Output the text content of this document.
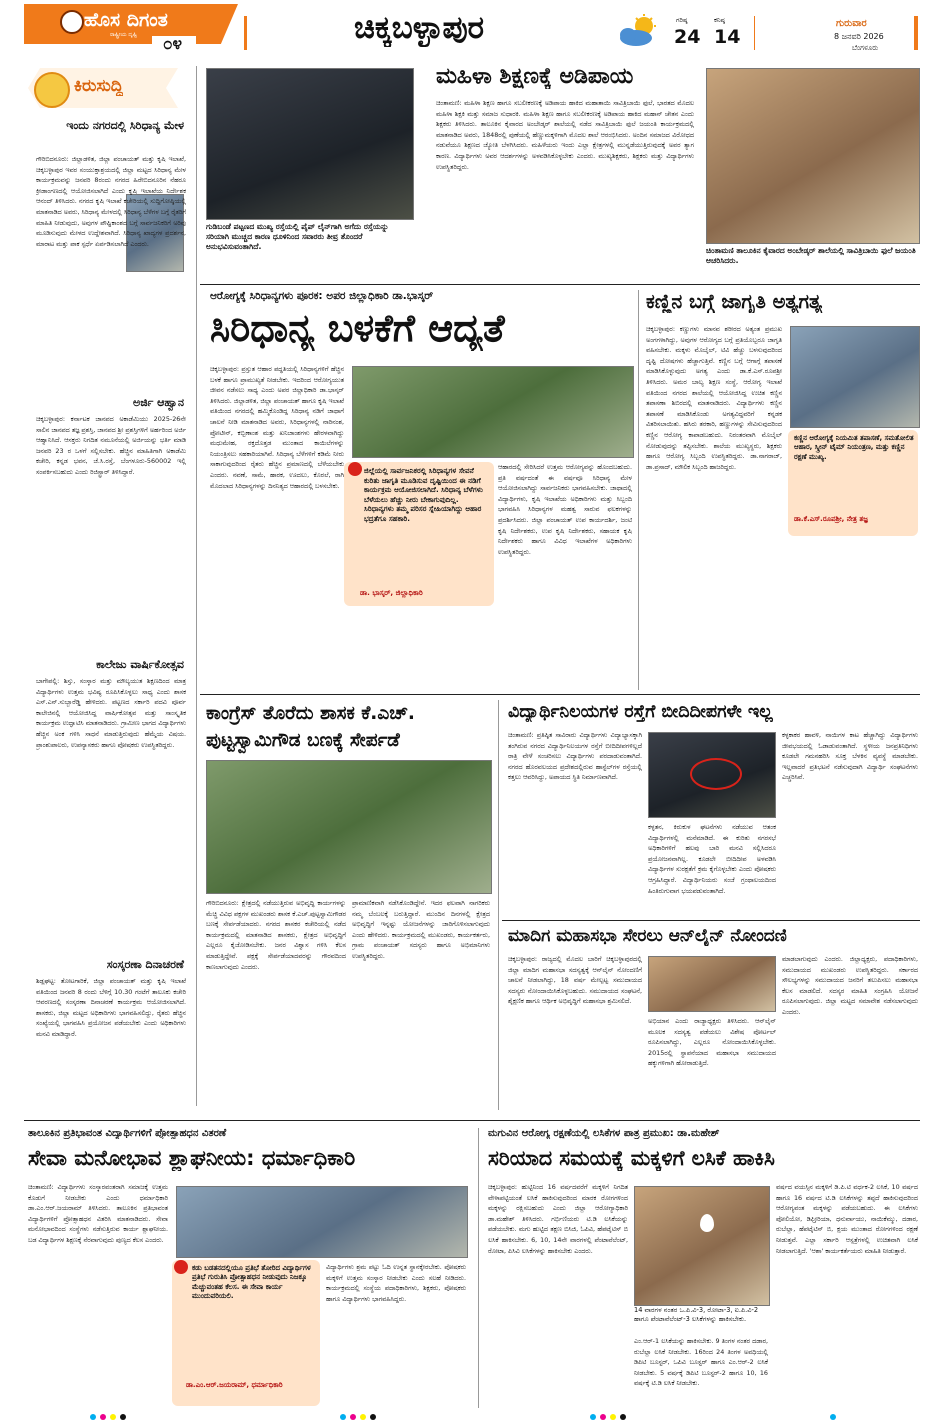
ಹೊಸ ದಿಗಂತ
ರಾಷ್ಟ್ರೀಯ ದೃಷ್ಟಿ ೦೪	ಚಿಕ್ಕಬಳ್ಳಾಪುರ	ಗರಿಷ್ಠ
24
ಕನಿಷ್ಠ
14
ಗುರುವಾರ
8 ಜನವರಿ 2026
ಬೆಂಗಳೂರು
ಕಿರುಸುದ್ದಿ
ಇಂದು ನಗರದಲ್ಲಿ ಸಿರಿಧಾನ್ಯ ಮೇಳ

ಗೌರಿಬಿದನೂರು: ಜಿಲ್ಲಾಡಳಿತ, ಜಿಲ್ಲಾ ಪಂಚಾಯತ್ ಮತ್ತು ಕೃಷಿ ಇಲಾಖೆ, ಚಿಕ್ಕಬಳ್ಳಾಪುರ ಇವರ ಸಂಯುಕ್ತಾಶ್ರಯದಲ್ಲಿ ಜಿಲ್ಲಾ ಮಟ್ಟದ ಸಿರಿಧಾನ್ಯ ಮೇಳ ಕಾರ್ಯಕ್ರಮವನ್ನು ಜನವರಿ 8ರಂದು ನಗರದ ಹಿರೇಬಿದನೂರಿನ ನೆಹರೂ ಕ್ರೀಡಾಂಗಣದಲ್ಲಿ ಆಯೋಜಿಸಲಾಗಿದೆ ಎಂದು ಕೃಷಿ ಇಲಾಖೆಯ ನಿರ್ದೇಶಕ ಆನಂದ್ ತಿಳಿಸಿದರು. ನಗರದ ಕೃಷಿ ಇಲಾಖೆ ಕಚೇರಿಯಲ್ಲಿ ಸುದ್ದಿಗೋಷ್ಠಿಯಲ್ಲಿ ಮಾತನಾಡಿದ ಅವರು, ಸಿರಿಧಾನ್ಯ ಮೇಳದಲ್ಲಿ ಸಿರಿಧಾನ್ಯ ಬೆಳೆಗಳ ಬಗ್ಗೆ ರೈತರಿಗೆ ಮಾಹಿತಿ ನೀಡುವುದು, ಅವುಗಳ ಪೌಷ್ಟಿಕಾಂಶದ ಬಗ್ಗೆ ಸಾರ್ವಜನಿಕರಿಗೆ ಅರಿವು ಮೂಡಿಸುವುದು ಮೇಳದ ಉದ್ದೇಶವಾಗಿದೆ. ಸಿರಿಧಾನ್ಯ ಖಾದ್ಯಗಳ ಪ್ರದರ್ಶನ, ಮಾರಾಟ ಮತ್ತು ಪಾಕ ಸ್ಪರ್ಧೆ ಏರ್ಪಡಿಸಲಾಗಿದೆ ಎಂದರು.

ಅರ್ಜಿ ಆಹ್ವಾನ

ಚಿಕ್ಕಬಳ್ಳಾಪುರ: ಕರ್ನಾಟಕ ಜಾನಪದ ಅಕಾಡೆಮಿಯು 2025-26ನೇ ಸಾಲಿನ ಜಾನಪದ ತಜ್ಞ ಪ್ರಶಸ್ತಿ, ಜಾನಪದ ಶ್ರೀ ಪ್ರಶಸ್ತಿಗಳಿಗೆ ಅರ್ಹರಿಂದ ಅರ್ಜಿ ಆಹ್ವಾನಿಸಿದೆ. ಆಸಕ್ತರು ನಿಗದಿತ ನಮೂನೆಯಲ್ಲಿ ಅರ್ಜಿಯನ್ನು ಭರ್ತಿ ಮಾಡಿ ಜನವರಿ 23 ರ ಒಳಗೆ ಸಲ್ಲಿಸಬೇಕು. ಹೆಚ್ಚಿನ ಮಾಹಿತಿಗಾಗಿ ಅಕಾಡೆಮಿ ಕಚೇರಿ, ಕನ್ನಡ ಭವನ, ಜೆ.ಸಿ.ರಸ್ತೆ, ಬೆಂಗಳೂರು-560002 ಇಲ್ಲಿ ಸಂಪರ್ಕಿಸಬಹುದು ಎಂದು ರಿಜಿಸ್ಟ್ರಾರ್ ತಿಳಿಸಿದ್ದಾರೆ.

ಕಾಲೇಜು ವಾರ್ಷಿಕೋತ್ಸವ

ಬಾಗೇಪಲ್ಲಿ: ಶಿಸ್ತು, ಸಂಸ್ಕಾರ ಮತ್ತು ಮೌಲ್ಯಯುತ ಶಿಕ್ಷಣದಿಂದ ಮಾತ್ರ ವಿದ್ಯಾರ್ಥಿಗಳು ಉತ್ತಮ ಭವಿಷ್ಯ ರೂಪಿಸಿಕೊಳ್ಳಲು ಸಾಧ್ಯ ಎಂದು ಶಾಸಕ ಎಸ್.ಎನ್.ಸುಬ್ಬಾರೆಡ್ಡಿ ಹೇಳಿದರು. ಪಟ್ಟಣದ ಸರ್ಕಾರಿ ಪದವಿ ಪೂರ್ವ ಕಾಲೇಜಿನಲ್ಲಿ ಆಯೋಜಿಸಿದ್ದ ವಾರ್ಷಿಕೋತ್ಸವ ಮತ್ತು ಸಾಂಸ್ಕೃತಿಕ ಕಾರ್ಯಕ್ರಮ ಉದ್ಘಾಟಿಸಿ ಮಾತನಾಡಿದರು. ಗ್ರಾಮೀಣ ಭಾಗದ ವಿದ್ಯಾರ್ಥಿಗಳು ಹೆಚ್ಚಿನ ಅಂಕ ಗಳಿಸಿ ಸಾಧನೆ ಮಾಡುತ್ತಿರುವುದು ಹೆಮ್ಮೆಯ ವಿಷಯ. ಪ್ರಾಂಶುಪಾಲರು, ಉಪನ್ಯಾಸಕರು ಹಾಗೂ ಪೋಷಕರು ಉಪಸ್ಥಿತರಿದ್ದರು.

ಸಂಸ್ಕರಣಾ ದಿನಾಚರಣೆ

ಶಿಡ್ಲಘಟ್ಟ: ತೋಟಗಾರಿಕೆ, ಜಿಲ್ಲಾ ಪಂಚಾಯತ್ ಮತ್ತು ಕೃಷಿ ಇಲಾಖೆ ವತಿಯಿಂದ ಜನವರಿ 8 ರಂದು ಬೆಳಿಗ್ಗೆ 10.30 ಗಂಟೆಗೆ ತಾಲೂಕು ಕಚೇರಿ ಆವರಣದಲ್ಲಿ ಸಂಸ್ಕರಣಾ ದಿನಾಚರಣೆ ಕಾರ್ಯಕ್ರಮ ಆಯೋಜಿಸಲಾಗಿದೆ. ಶಾಸಕರು, ಜಿಲ್ಲಾ ಮಟ್ಟದ ಅಧಿಕಾರಿಗಳು ಭಾಗವಹಿಸಲಿದ್ದು, ರೈತರು ಹೆಚ್ಚಿನ ಸಂಖ್ಯೆಯಲ್ಲಿ ಭಾಗವಹಿಸಿ ಪ್ರಯೋಜನ ಪಡೆಯಬೇಕು ಎಂದು ಅಧಿಕಾರಿಗಳು ಮನವಿ ಮಾಡಿದ್ದಾರೆ.

ಗುಡಿಬಂಡೆ ಪಟ್ಟಣದ ಮುಖ್ಯ ರಸ್ತೆಯಲ್ಲಿ ಪೈಪ್ ಲೈನ್‌ಗಾಗಿ ಅಗೆದು ರಸ್ತೆಯನ್ನು ಸರಿಯಾಗಿ ಮುಚ್ಚದ ಕಾರಣ ಧೂಳಿನಿಂದ ಸವಾರರು ತೀವ್ರ ತೊಂದರೆ ಅನುಭವಿಸುವಂತಾಗಿದೆ.

ಮಹಿಳಾ ಶಿಕ್ಷಣಕ್ಕೆ ಅಡಿಪಾಯ

ಚಿಂತಾಮಣಿ: ಮಹಿಳಾ ಶಿಕ್ಷಣ ಹಾಗೂ ಸಬಲೀಕರಣಕ್ಕೆ ಅಡಿಪಾಯ ಹಾಕಿದ ಮಹಾತಾಯಿ ಸಾವಿತ್ರಿಬಾಯಿ ಫುಲೆ, ಭಾರತದ ಮೊದಲ ಮಹಿಳಾ ಶಿಕ್ಷಕಿ ಮತ್ತು ಸಮಾಜ ಸುಧಾರಕಿ. ಮಹಿಳಾ ಶಿಕ್ಷಣ ಹಾಗೂ ಸಬಲೀಕರಣಕ್ಕೆ ಅಡಿಪಾಯ ಹಾಕಿದ ಮಹಾನ್ ಚೇತನ ಎಂದು ಶಿಕ್ಷಕರು ತಿಳಿಸಿದರು. ತಾಲೂಕಿನ ಕೈವಾರದ ಅಂಬೇಡ್ಕರ್ ಶಾಲೆಯಲ್ಲಿ ನಡೆದ ಸಾವಿತ್ರಿಬಾಯಿ ಫುಲೆ ಜಯಂತಿ ಕಾರ್ಯಕ್ರಮದಲ್ಲಿ ಮಾತನಾಡಿದ ಅವರು, 1848ರಲ್ಲಿ ಪುಣೆಯಲ್ಲಿ ಹೆಣ್ಣುಮಕ್ಕಳಿಗಾಗಿ ಮೊದಲ ಶಾಲೆ ಆರಂಭಿಸಿದರು. ಅಂದಿನ ಸಮಾಜದ ವಿರೋಧದ ನಡುವೆಯೂ ಶಿಕ್ಷಣದ ಜ್ಯೋತಿ ಬೆಳಗಿಸಿದರು. ಮಹಿಳೆಯರು ಇಂದು ಎಲ್ಲಾ ಕ್ಷೇತ್ರಗಳಲ್ಲಿ ಮುನ್ನಡೆಯುತ್ತಿರುವುದಕ್ಕೆ ಅವರ ತ್ಯಾಗ ಕಾರಣ. ವಿದ್ಯಾರ್ಥಿಗಳು ಅವರ ಆದರ್ಶಗಳನ್ನು ಅಳವಡಿಸಿಕೊಳ್ಳಬೇಕು ಎಂದರು. ಮುಖ್ಯಶಿಕ್ಷಕರು, ಶಿಕ್ಷಕರು ಮತ್ತು ವಿದ್ಯಾರ್ಥಿಗಳು ಉಪಸ್ಥಿತರಿದ್ದರು.

ಚಿಂತಾಮಣಿ ತಾಲೂಕಿನ ಕೈವಾರದ ಅಂಬೇಡ್ಕರ್ ಶಾಲೆಯಲ್ಲಿ ಸಾವಿತ್ರಿಬಾಯಿ ಫುಲೆ ಜಯಂತಿ ಆಚರಿಸಿದರು.

ಆರೋಗ್ಯಕ್ಕೆ ಸಿರಿಧಾನ್ಯಗಳು ಪೂರಕ: ಅಪರ ಜಿಲ್ಲಾಧಿಕಾರಿ ಡಾ.ಭಾಸ್ಕರ್
ಸಿರಿಧಾನ್ಯ ಬಳಕೆಗೆ ಆದ್ಯತೆ

ಚಿಕ್ಕಬಳ್ಳಾಪುರ: ಪ್ರಸ್ತುತ ಆಹಾರ ಪದ್ಧತಿಯಲ್ಲಿ ಸಿರಿಧಾನ್ಯಗಳಿಗೆ ಹೆಚ್ಚಿನ ಬಳಕೆ ಹಾಗೂ ಪ್ರಾಮುಖ್ಯತೆ ನೀಡಬೇಕು. ಇದರಿಂದ ಆರೋಗ್ಯಯುತ ಜೀವನ ನಡೆಸಲು ಸಾಧ್ಯ ಎಂದು ಅಪರ ಜಿಲ್ಲಾಧಿಕಾರಿ ಡಾ.ಭಾಸ್ಕರ್ ತಿಳಿಸಿದರು. ಜಿಲ್ಲಾಡಳಿತ, ಜಿಲ್ಲಾ ಪಂಚಾಯತ್ ಹಾಗೂ ಕೃಷಿ ಇಲಾಖೆ ವತಿಯಿಂದ ನಗರದಲ್ಲಿ ಹಮ್ಮಿಕೊಂಡಿದ್ದ ಸಿರಿಧಾನ್ಯ ನಡಿಗೆ ಜಾಥಾಗೆ ಚಾಲನೆ ನೀಡಿ ಮಾತನಾಡಿದ ಅವರು, ಸಿರಿಧಾನ್ಯಗಳಲ್ಲಿ ನಾರಿನಂಶ, ಪ್ರೋಟೀನ್, ಕಬ್ಬಿಣಾಂಶ ಮತ್ತು ಖನಿಜಾಂಶಗಳು ಹೇರಳವಾಗಿದ್ದು ಮಧುಮೇಹ, ರಕ್ತದೊತ್ತಡ ಮುಂತಾದ ಕಾಯಿಲೆಗಳನ್ನು ನಿಯಂತ್ರಿಸಲು ಸಹಕಾರಿಯಾಗಿವೆ. ಸಿರಿಧಾನ್ಯ ಬೆಳೆಗಳಿಗೆ ಕಡಿಮೆ ನೀರು ಸಾಕಾಗುವುದರಿಂದ ರೈತರು ಹೆಚ್ಚಿನ ಪ್ರಮಾಣದಲ್ಲಿ ಬೆಳೆಯಬೇಕು ಎಂದರು. ನವಣೆ, ಸಾಮೆ, ಹಾರಕ, ಊದಲು, ಕೊರಲೆ, ರಾಗಿ ಮೊದಲಾದ ಸಿರಿಧಾನ್ಯಗಳನ್ನು ದಿನನಿತ್ಯದ ಆಹಾರದಲ್ಲಿ ಬಳಸಬೇಕು.

ಜಿಲ್ಲೆಯಲ್ಲಿ ಸಾರ್ವಜನಿಕರಲ್ಲಿ ಸಿರಿಧಾನ್ಯಗಳ ಸೇವನೆ ಕುರಿತು ಜಾಗೃತಿ ಮೂಡಿಸುವ ದೃಷ್ಟಿಯಿಂದ ಈ ನಡಿಗೆ ಕಾರ್ಯಕ್ರಮ ಆಯೋಜಿಸಲಾಗಿದೆ. ಸಿರಿಧಾನ್ಯ ಬೆಳೆಗಳು ಬೆಳೆಯಲು ಹೆಚ್ಚು ನೀರು ಬೇಕಾಗುವುದಿಲ್ಲ. ಸಿರಿಧಾನ್ಯಗಳು ತಮ್ಮ ಪರಿಸರ ಸ್ನೇಹಿಯಾಗಿದ್ದು ಆಹಾರ ಭದ್ರತೆಗೂ ಸಹಕಾರಿ.

ಡಾ. ಭಾಸ್ಕರ್, ಜಿಲ್ಲಾಧಿಕಾರಿ

ಆಹಾರದಲ್ಲಿ ಸೇರಿಸಿದರೆ ಉತ್ತಮ ಆರೋಗ್ಯವನ್ನು ಹೊಂದಬಹುದು. ಪ್ರತಿ ವರ್ಷದಂತೆ ಈ ವರ್ಷವೂ ಸಿರಿಧಾನ್ಯ ಮೇಳ ಆಯೋಜಿಸಲಾಗಿದ್ದು ಸಾರ್ವಜನಿಕರು ಭಾಗವಹಿಸಬೇಕು. ಜಾಥಾದಲ್ಲಿ ವಿದ್ಯಾರ್ಥಿಗಳು, ಕೃಷಿ ಇಲಾಖೆಯ ಅಧಿಕಾರಿಗಳು ಮತ್ತು ಸಿಬ್ಬಂದಿ ಭಾಗವಹಿಸಿ ಸಿರಿಧಾನ್ಯಗಳ ಮಹತ್ವ ಸಾರುವ ಫಲಕಗಳನ್ನು ಪ್ರದರ್ಶಿಸಿದರು. ಜಿಲ್ಲಾ ಪಂಚಾಯತ್ ಉಪ ಕಾರ್ಯದರ್ಶಿ, ಜಂಟಿ ಕೃಷಿ ನಿರ್ದೇಶಕರು, ಉಪ ಕೃಷಿ ನಿರ್ದೇಶಕರು, ಸಹಾಯಕ ಕೃಷಿ ನಿರ್ದೇಶಕರು ಹಾಗೂ ವಿವಿಧ ಇಲಾಖೆಗಳ ಅಧಿಕಾರಿಗಳು ಉಪಸ್ಥಿತರಿದ್ದರು.

ಕಣ್ಣಿನ ಬಗ್ಗೆ ಜಾಗೃತಿ ಅತ್ಯಗತ್ಯ

ಚಿಕ್ಕಬಳ್ಳಾಪುರ: ಕಣ್ಣುಗಳು ಮಾನವ ಶರೀರದ ಅತ್ಯಂತ ಪ್ರಮುಖ ಅಂಗಗಳಾಗಿದ್ದು, ಅವುಗಳ ಆರೋಗ್ಯದ ಬಗ್ಗೆ ಪ್ರತಿಯೊಬ್ಬರೂ ಜಾಗೃತಿ ವಹಿಸಬೇಕು. ಮಕ್ಕಳು ಮೊಬೈಲ್, ಟಿವಿ ಹೆಚ್ಚು ಬಳಸುವುದರಿಂದ ದೃಷ್ಟಿ ದೋಷಗಳು ಹೆಚ್ಚಾಗುತ್ತಿವೆ. ಕಣ್ಣಿನ ಬಗ್ಗೆ ಆಗಾಗ್ಗೆ ತಪಾಸಣೆ ಮಾಡಿಸಿಕೊಳ್ಳುವುದು ಅಗತ್ಯ ಎಂದು ಡಾ.ಕೆ.ಎಸ್.ರೂಪಶ್ರೀ ತಿಳಿಸಿದರು. ಅಮರ ಬಾಲ್ಯ ಶಿಕ್ಷಣ ಸಂಸ್ಥೆ, ಆರೋಗ್ಯ ಇಲಾಖೆ ವತಿಯಿಂದ ನಗರದ ಶಾಲೆಯಲ್ಲಿ ಆಯೋಜಿಸಿದ್ದ ಉಚಿತ ಕಣ್ಣಿನ ತಪಾಸಣಾ ಶಿಬಿರದಲ್ಲಿ ಮಾತನಾಡಿದರು. ವಿದ್ಯಾರ್ಥಿಗಳು ಕಣ್ಣಿನ ತಪಾಸಣೆ ಮಾಡಿಸಿಕೊಂಡು ಅಗತ್ಯವಿದ್ದವರಿಗೆ ಕನ್ನಡಕ ವಿತರಿಸಲಾಯಿತು. ಹಸಿರು ತರಕಾರಿ, ಹಣ್ಣುಗಳನ್ನು ಸೇವಿಸುವುದರಿಂದ ಕಣ್ಣಿನ ಆರೋಗ್ಯ ಕಾಪಾಡಬಹುದು. ನಿರಂತರವಾಗಿ ಮೊಬೈಲ್ ನೋಡುವುದನ್ನು ತಪ್ಪಿಸಬೇಕು. ಶಾಲೆಯ ಮುಖ್ಯಸ್ಥರು, ಶಿಕ್ಷಕರು ಹಾಗೂ ಆರೋಗ್ಯ ಸಿಬ್ಬಂದಿ ಉಪಸ್ಥಿತರಿದ್ದರು. ಡಾ.ನಾಗರಾಜ್, ಡಾ.ಪ್ರಸಾದ್, ಮೌಲಿಕ ಸಿಬ್ಬಂದಿ ಹಾಜರಿದ್ದರು.

ಕಣ್ಣಿನ ಆರೋಗ್ಯಕ್ಕೆ ನಿಯಮಿತ ತಪಾಸಣೆ, ಸಮತೋಲಿತ ಆಹಾರ, ಸ್ಕ್ರೀನ್ ಟೈಮ್ ನಿಯಂತ್ರಣ, ಮತ್ತು ಕಣ್ಣಿನ ರಕ್ಷಣೆ ಮುಖ್ಯ.

ಡಾ.ಕೆ.ಎಸ್.ರೂಪಶ್ರೀ, ನೇತ್ರ ತಜ್ಞ

ಕಾಂಗ್ರೆಸ್ ತೊರೆದು ಶಾಸಕ ಕೆ.ಎಚ್. ಪುಟ್ಟಸ್ವಾಮಿಗೌಡ ಬಣಕ್ಕೆ ಸೇರ್ಪಡೆ

ಗೌರಿಬಿದನೂರು: ಕ್ಷೇತ್ರದಲ್ಲಿ ನಡೆಯುತ್ತಿರುವ ಅಭಿವೃದ್ಧಿ ಕಾರ್ಯಗಳನ್ನು ಮೆಚ್ಚಿ ವಿವಿಧ ಪಕ್ಷಗಳ ಮುಖಂಡರು ಶಾಸಕ ಕೆ.ಎಚ್.ಪುಟ್ಟಸ್ವಾಮಿಗೌಡರ ಬಣಕ್ಕೆ ಸೇರ್ಪಡೆಯಾದರು. ನಗರದ ಶಾಸಕರ ಕಚೇರಿಯಲ್ಲಿ ನಡೆದ ಕಾರ್ಯಕ್ರಮದಲ್ಲಿ ಮಾತನಾಡಿದ ಶಾಸಕರು, ಕ್ಷೇತ್ರದ ಅಭಿವೃದ್ಧಿಗೆ ಎಲ್ಲರೂ ಕೈಜೋಡಿಸಬೇಕು. ಜನರ ವಿಶ್ವಾಸ ಗಳಿಸಿ ಕೆಲಸ ಮಾಡುತ್ತಿದ್ದೇವೆ. ಪಕ್ಷಕ್ಕೆ ಸೇರ್ಪಡೆಯಾದವರನ್ನು ಗೌರವದಿಂದ ಕಾಣಲಾಗುವುದು ಎಂದರು.

ಪ್ರಾಮಾಣಿಕವಾಗಿ ನಡೆಸಿಕೊಂಡಿದ್ದೇನೆ. ಇದರ ಫಲವಾಗಿ ನಾಗರಿಕರು ನಮ್ಮ ಬೆಂಬಲಕ್ಕೆ ಬರುತ್ತಿದ್ದಾರೆ. ಮುಂದಿನ ದಿನಗಳಲ್ಲಿ ಕ್ಷೇತ್ರದ ಅಭಿವೃದ್ಧಿಗೆ ಇನ್ನಷ್ಟು ಯೋಜನೆಗಳನ್ನು ಜಾರಿಗೊಳಿಸಲಾಗುವುದು ಎಂದು ಹೇಳಿದರು. ಕಾರ್ಯಕ್ರಮದಲ್ಲಿ ಮುಖಂಡರು, ಕಾರ್ಯಕರ್ತರು, ಗ್ರಾಮ ಪಂಚಾಯತ್ ಸದಸ್ಯರು ಹಾಗೂ ಅಭಿಮಾನಿಗಳು ಉಪಸ್ಥಿತರಿದ್ದರು.

ವಿದ್ಯಾರ್ಥಿನಿಲಯಗಳ ರಸ್ತೆಗೆ ಬೀದಿದೀಪಗಳೇ ಇಲ್ಲ

ಚಿಂತಾಮಣಿ: ಪ್ರತಿಷ್ಠಿತ ಸಾವಿರಾರು ವಿದ್ಯಾರ್ಥಿಗಳು ವಿದ್ಯಾಭ್ಯಾಸಕ್ಕಾಗಿ ತಂಗಿರುವ ನಗರದ ವಿದ್ಯಾರ್ಥಿನಿಲಯಗಳ ರಸ್ತೆಗೆ ಬೀದಿದೀಪಗಳಿಲ್ಲದೆ ರಾತ್ರಿ ವೇಳೆ ಸಂಚರಿಸಲು ವಿದ್ಯಾರ್ಥಿಗಳು ಪರದಾಡುವಂತಾಗಿದೆ. ನಗರದ ಹೊರವಲಯದ ಪ್ರದೇಶದಲ್ಲಿರುವ ಹಾಸ್ಟೆಲ್‌ಗಳ ರಸ್ತೆಯಲ್ಲಿ ಕತ್ತಲು ಆವರಿಸಿದ್ದು, ಅಪಾಯದ ಸ್ಥಿತಿ ನಿರ್ಮಾಣವಾಗಿದೆ.

ಕಳ್ಳತನ, ಕಿರುಕುಳ ಘಟನೆಗಳು ನಡೆಯುವ ಆತಂಕ ವಿದ್ಯಾರ್ಥಿಗಳಲ್ಲಿ ಮನೆಮಾಡಿದೆ. ಈ ಕುರಿತು ನಗರಸಭೆ ಅಧಿಕಾರಿಗಳಿಗೆ ಹಲವು ಬಾರಿ ಮನವಿ ಸಲ್ಲಿಸಿದರೂ ಪ್ರಯೋಜನವಾಗಿಲ್ಲ. ಕೂಡಲೇ ಬೀದಿದೀಪ ಅಳವಡಿಸಿ ವಿದ್ಯಾರ್ಥಿಗಳ ಸುರಕ್ಷತೆಗೆ ಕ್ರಮ ಕೈಗೊಳ್ಳಬೇಕು ಎಂದು ಪೋಷಕರು ಆಗ್ರಹಿಸಿದ್ದಾರೆ. ವಿದ್ಯಾರ್ಥಿನಿಯರು ಸಂಜೆ ಗ್ರಂಥಾಲಯದಿಂದ ಹಿಂತಿರುಗುವಾಗ ಭಯಪಡುವಂತಾಗಿದೆ.

ಕಳ್ಳಕಾಕರ ಹಾವಳಿ, ನಾಯಿಗಳ ಕಾಟ ಹೆಚ್ಚಾಗಿದ್ದು ವಿದ್ಯಾರ್ಥಿಗಳು ಜೀವಭಯದಲ್ಲಿ ಓಡಾಡುವಂತಾಗಿದೆ. ಸ್ಥಳೀಯ ಜನಪ್ರತಿನಿಧಿಗಳು ಕೂಡಲೇ ಗಮನಹರಿಸಿ ಸೂಕ್ತ ಬೆಳಕಿನ ವ್ಯವಸ್ಥೆ ಮಾಡಬೇಕು. ಇಲ್ಲವಾದರೆ ಪ್ರತಿಭಟನೆ ನಡೆಸುವುದಾಗಿ ವಿದ್ಯಾರ್ಥಿ ಸಂಘಟನೆಗಳು ಎಚ್ಚರಿಸಿವೆ.

ಮಾದಿಗ ಮಹಾಸಭಾ ಸೇರಲು ಆನ್‌ಲೈನ್ ನೋಂದಣಿ

ಚಿಕ್ಕಬಳ್ಳಾಪುರ: ರಾಜ್ಯದಲ್ಲಿ ಮೊದಲ ಬಾರಿಗೆ ಚಿಕ್ಕಬಳ್ಳಾಪುರದಲ್ಲಿ ಜಿಲ್ಲಾ ಮಾದಿಗ ಮಹಾಸಭಾ ಸದಸ್ಯತ್ವಕ್ಕೆ ಆನ್‌ಲೈನ್ ನೋಂದಣಿಗೆ ಚಾಲನೆ ನೀಡಲಾಗಿದ್ದು, 18 ವರ್ಷ ಮೇಲ್ಪಟ್ಟ ಸಮುದಾಯದ ಸದಸ್ಯರು ನೋಂದಾಯಿಸಿಕೊಳ್ಳಬಹುದು. ಸಮುದಾಯದ ಸಂಘಟನೆ, ಶೈಕ್ಷಣಿಕ ಹಾಗೂ ಆರ್ಥಿಕ ಅಭಿವೃದ್ಧಿಗೆ ಮಹಾಸಭಾ ಶ್ರಮಿಸಲಿದೆ.

ಅಭಿಯಾನ ಎಂದು ರಾಜ್ಯಾಧ್ಯಕ್ಷರು ತಿಳಿಸಿದರು. ಆನ್‌ಲೈನ್ ಮೂಲಕ ಸದಸ್ಯತ್ವ ಪಡೆಯಲು ವಿಶೇಷ ಪೋರ್ಟಲ್ ರೂಪಿಸಲಾಗಿದ್ದು, ಎಲ್ಲರೂ ನೋಂದಾಯಿಸಿಕೊಳ್ಳಬೇಕು. 2015ರಲ್ಲಿ ಸ್ಥಾಪನೆಯಾದ ಮಹಾಸಭಾ ಸಮುದಾಯದ ಹಕ್ಕುಗಳಿಗಾಗಿ ಹೋರಾಡುತ್ತಿದೆ.

ಮಾಡಲಾಗುವುದು ಎಂದರು. ಜಿಲ್ಲಾಧ್ಯಕ್ಷರು, ಪದಾಧಿಕಾರಿಗಳು, ಸಮುದಾಯದ ಮುಖಂಡರು ಉಪಸ್ಥಿತರಿದ್ದರು. ಸರ್ಕಾರದ ಸೌಲಭ್ಯಗಳನ್ನು ಸಮುದಾಯದ ಜನರಿಗೆ ತಲುಪಿಸಲು ಮಹಾಸಭಾ ಕೆಲಸ ಮಾಡಲಿದೆ. ಸದಸ್ಯರ ಮಾಹಿತಿ ಸಂಗ್ರಹಿಸಿ ಯೋಜನೆ ರೂಪಿಸಲಾಗುವುದು. ಜಿಲ್ಲಾ ಮಟ್ಟದ ಸಮಾವೇಶ ನಡೆಸಲಾಗುವುದು ಎಂದರು.

ತಾಲೂಕಿನ ಪ್ರತಿಭಾವಂತ ವಿದ್ಯಾರ್ಥಿಗಳಿಗೆ ಪ್ರೋತ್ಸಾಹಧನ ವಿತರಣೆ
ಸೇವಾ ಮನೋಭಾವ ಶ್ಲಾಘನೀಯ: ಧರ್ಮಾಧಿಕಾರಿ

ಚಿಂತಾಮಣಿ: ವಿದ್ಯಾರ್ಥಿಗಳು ಸಂಸ್ಕಾರವಂತರಾಗಿ ಸಮಾಜಕ್ಕೆ ಉತ್ತಮ ಕೊಡುಗೆ ನೀಡಬೇಕು ಎಂದು ಧರ್ಮಾಧಿಕಾರಿ ಡಾ.ಎಂ.ಆರ್.ಜಯರಾಮ್ ತಿಳಿಸಿದರು. ತಾಲೂಕಿನ ಪ್ರತಿಭಾವಂತ ವಿದ್ಯಾರ್ಥಿಗಳಿಗೆ ಪ್ರೋತ್ಸಾಹಧನ ವಿತರಿಸಿ ಮಾತನಾಡಿದರು. ಸೇವಾ ಮನೋಭಾವದಿಂದ ಸಂಸ್ಥೆಗಳು ನಡೆಸುತ್ತಿರುವ ಕಾರ್ಯ ಶ್ಲಾಘನೀಯ. ಬಡ ವಿದ್ಯಾರ್ಥಿಗಳ ಶಿಕ್ಷಣಕ್ಕೆ ನೆರವಾಗುವುದು ಪುಣ್ಯದ ಕೆಲಸ ಎಂದರು.

ಕಡು ಬಡತನದಲ್ಲಿಯೂ ಪ್ರತಿಭೆ ತೋರಿದ ವಿದ್ಯಾರ್ಥಿಗಳ ಪ್ರತಿಭೆ ಗುರುತಿಸಿ ಪ್ರೋತ್ಸಾಹಧನ ನೀಡುವುದು ನಿಜಕ್ಕೂ ಮೆಚ್ಚುವಂತಹ ಕೆಲಸ. ಈ ಸೇವಾ ಕಾರ್ಯ ಮುಂದುವರಿಯಲಿ.

ಡಾ.ಎಂ.ಆರ್.ಜಯರಾಮ್, ಧರ್ಮಾಧಿಕಾರಿ

ವಿದ್ಯಾರ್ಥಿಗಳು ಶ್ರಮ ಪಟ್ಟು ಓದಿ ಉನ್ನತ ಸ್ಥಾನಕ್ಕೇರಬೇಕು. ಪೋಷಕರು ಮಕ್ಕಳಿಗೆ ಉತ್ತಮ ಸಂಸ್ಕಾರ ನೀಡಬೇಕು ಎಂದು ಸಲಹೆ ನೀಡಿದರು. ಕಾರ್ಯಕ್ರಮದಲ್ಲಿ ಸಂಸ್ಥೆಯ ಪದಾಧಿಕಾರಿಗಳು, ಶಿಕ್ಷಕರು, ಪೋಷಕರು ಹಾಗೂ ವಿದ್ಯಾರ್ಥಿಗಳು ಭಾಗವಹಿಸಿದ್ದರು.

ಮಗುವಿನ ಆರೋಗ್ಯ ರಕ್ಷಣೆಯಲ್ಲಿ ಲಸಿಕೆಗಳ ಪಾತ್ರ ಪ್ರಮುಖ: ಡಾ.ಮಹೇಶ್
ಸರಿಯಾದ ಸಮಯಕ್ಕೆ ಮಕ್ಕಳಿಗೆ ಲಸಿಕೆ ಹಾಕಿಸಿ

ಚಿಕ್ಕಬಳ್ಳಾಪುರ: ಹುಟ್ಟಿನಿಂದ 16 ವರ್ಷದವರೆಗೆ ಮಕ್ಕಳಿಗೆ ನಿಗದಿತ ವೇಳಾಪಟ್ಟಿಯಂತೆ ಲಸಿಕೆ ಹಾಕಿಸುವುದರಿಂದ ಮಾರಕ ರೋಗಗಳಿಂದ ಮಕ್ಕಳನ್ನು ರಕ್ಷಿಸಬಹುದು ಎಂದು ಜಿಲ್ಲಾ ಆರೋಗ್ಯಾಧಿಕಾರಿ ಡಾ.ಮಹೇಶ್ ತಿಳಿಸಿದರು. ಗರ್ಭಿಣಿಯರು ಟಿ.ಡಿ ಲಸಿಕೆಯನ್ನು ಪಡೆಯಬೇಕು. ಮಗು ಹುಟ್ಟಿದ ತಕ್ಷಣ ಬಿಸಿಜಿ, ಓಪಿವಿ, ಹೆಪಟೈಟಿಸ್ ಬಿ ಲಸಿಕೆ ಹಾಕಿಸಬೇಕು. 6, 10, 14ನೇ ವಾರಗಳಲ್ಲಿ ಪೆಂಟಾವೆಲೆಂಟ್, ರೋಟಾ, ಪಿಸಿವಿ ಲಸಿಕೆಗಳನ್ನು ಹಾಕಿಸಬೇಕು ಎಂದರು.

14 ವಾರಗಳ ನಂತರ ಒ.ಪಿ.ವಿ-3, ರೋಟಾ-3, ಐ.ಪಿ.ವಿ-2 ಹಾಗೂ ಪೆಂಟಾವೆಲೆಂಟ್-3 ಲಸಿಕೆಗಳನ್ನು ಹಾಕಿಸಬೇಕು.

ಎಂ.ಆರ್-1 ಲಸಿಕೆಯನ್ನು ಹಾಕಿಸಬೇಕು. 9 ತಿಂಗಳ ನಂತರ ದಡಾರ, ರುಬೆಲ್ಲಾ ಲಸಿಕೆ ನೀಡಬೇಕು. 16ರಿಂದ 24 ತಿಂಗಳ ಅವಧಿಯಲ್ಲಿ ಡಿಪಿಟಿ ಬೂಸ್ಟರ್, ಒಪಿವಿ ಬೂಸ್ಟರ್ ಹಾಗೂ ಎಂ.ಆರ್-2 ಲಸಿಕೆ ನೀಡಬೇಕು. 5 ವರ್ಷಕ್ಕೆ ಡಿಪಿಟಿ ಬೂಸ್ಟರ್-2 ಹಾಗೂ 10, 16 ವರ್ಷಕ್ಕೆ ಟಿ.ಡಿ ಲಸಿಕೆ ನೀಡಬೇಕು.

ವರ್ಷದ ವಯಸ್ಸಿನ ಮಕ್ಕಳಿಗೆ ಡಿ.ಪಿ.ಟಿ ವರ್ಧಕ-2 ಲಸಿಕೆ, 10 ವರ್ಷದ ಹಾಗೂ 16 ವರ್ಷದ ಟಿ.ಡಿ ಲಸಿಕೆಗಳನ್ನು ತಪ್ಪದೆ ಹಾಕಿಸುವುದರಿಂದ ಆರೋಗ್ಯವಂತ ಮಕ್ಕಳನ್ನು ಪಡೆಯಬಹುದು. ಈ ಲಸಿಕೆಗಳು ಪೋಲಿಯೋ, ಡಿಫ್ತೀರಿಯಾ, ಧನುರ್ವಾಯು, ನಾಯಿಕೆಮ್ಮು, ದಡಾರ, ರುಬೆಲ್ಲಾ, ಹೆಪಟೈಟಿಸ್ ಬಿ, ಕ್ಷಯ ಮುಂತಾದ ರೋಗಗಳಿಂದ ರಕ್ಷಣೆ ನೀಡುತ್ತವೆ. ಎಲ್ಲಾ ಸರ್ಕಾರಿ ಆಸ್ಪತ್ರೆಗಳಲ್ಲಿ ಉಚಿತವಾಗಿ ಲಸಿಕೆ ನೀಡಲಾಗುತ್ತಿದೆ. 'ಆಶಾ' ಕಾರ್ಯಕರ್ತೆಯರು ಮಾಹಿತಿ ನೀಡುತ್ತಾರೆ.
